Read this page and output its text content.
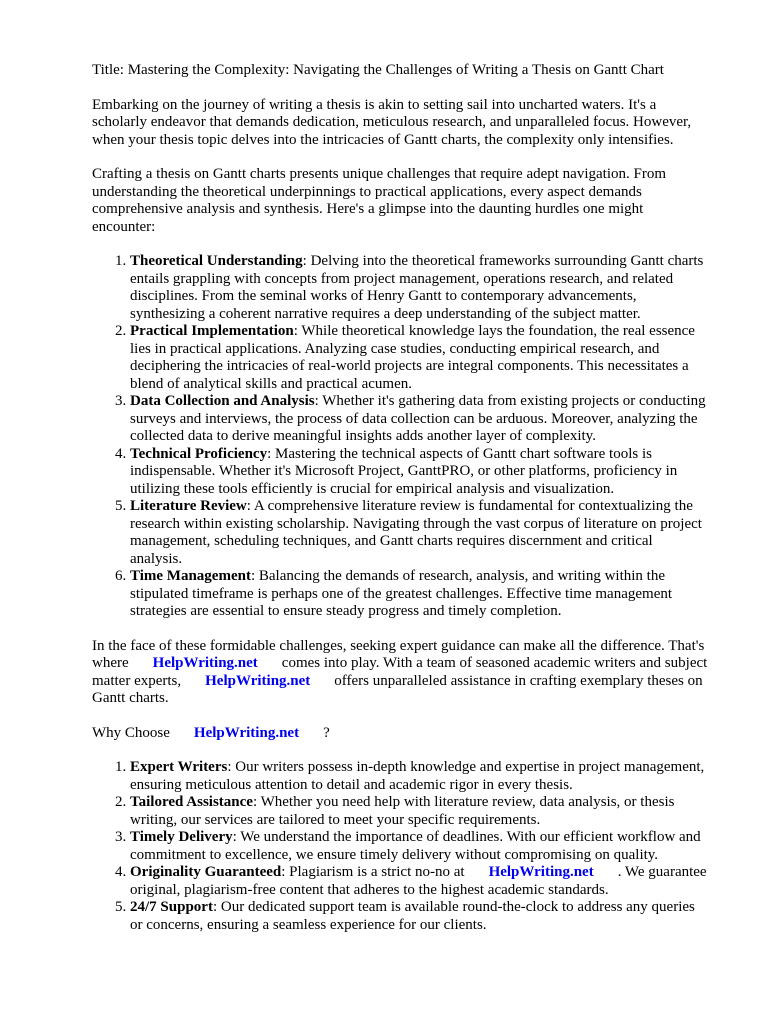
Title: Mastering the Complexity: Navigating the Challenges of Writing a Thesis on Gantt Chart

Embarking on the journey of writing a thesis is akin to setting sail into uncharted waters. It's a scholarly endeavor that demands dedication, meticulous research, and unparalleled focus. However, when your thesis topic delves into the intricacies of Gantt charts, the complexity only intensifies.

Crafting a thesis on Gantt charts presents unique challenges that require adept navigation. From understanding the theoretical underpinnings to practical applications, every aspect demands comprehensive analysis and synthesis. Here's a glimpse into the daunting hurdles one might encounter:

1. Theoretical Understanding: Delving into the theoretical frameworks surrounding Gantt charts entails grappling with concepts from project management, operations research, and related disciplines. From the seminal works of Henry Gantt to contemporary advancements, synthesizing a coherent narrative requires a deep understanding of the subject matter.
2. Practical Implementation: While theoretical knowledge lays the foundation, the real essence lies in practical applications. Analyzing case studies, conducting empirical research, and deciphering the intricacies of real-world projects are integral components. This necessitates a blend of analytical skills and practical acumen.
3. Data Collection and Analysis: Whether it's gathering data from existing projects or conducting surveys and interviews, the process of data collection can be arduous. Moreover, analyzing the collected data to derive meaningful insights adds another layer of complexity.
4. Technical Proficiency: Mastering the technical aspects of Gantt chart software tools is indispensable. Whether it's Microsoft Project, GanttPRO, or other platforms, proficiency in utilizing these tools efficiently is crucial for empirical analysis and visualization.
5. Literature Review: A comprehensive literature review is fundamental for contextualizing the research within existing scholarship. Navigating through the vast corpus of literature on project management, scheduling techniques, and Gantt charts requires discernment and critical analysis.
6. Time Management: Balancing the demands of research, analysis, and writing within the stipulated timeframe is perhaps one of the greatest challenges. Effective time management strategies are essential to ensure steady progress and timely completion.

In the face of these formidable challenges, seeking expert guidance can make all the difference. That's where HelpWriting.net comes into play. With a team of seasoned academic writers and subject matter experts, HelpWriting.net offers unparalleled assistance in crafting exemplary theses on Gantt charts.

Why Choose HelpWriting.net ?

1. Expert Writers: Our writers possess in-depth knowledge and expertise in project management, ensuring meticulous attention to detail and academic rigor in every thesis.
2. Tailored Assistance: Whether you need help with literature review, data analysis, or thesis writing, our services are tailored to meet your specific requirements.
3. Timely Delivery: We understand the importance of deadlines. With our efficient workflow and commitment to excellence, we ensure timely delivery without compromising on quality.
4. Originality Guaranteed: Plagiarism is a strict no-no at HelpWriting.net . We guarantee original, plagiarism-free content that adheres to the highest academic standards.
5. 24/7 Support: Our dedicated support team is available round-the-clock to address any queries or concerns, ensuring a seamless experience for our clients.
